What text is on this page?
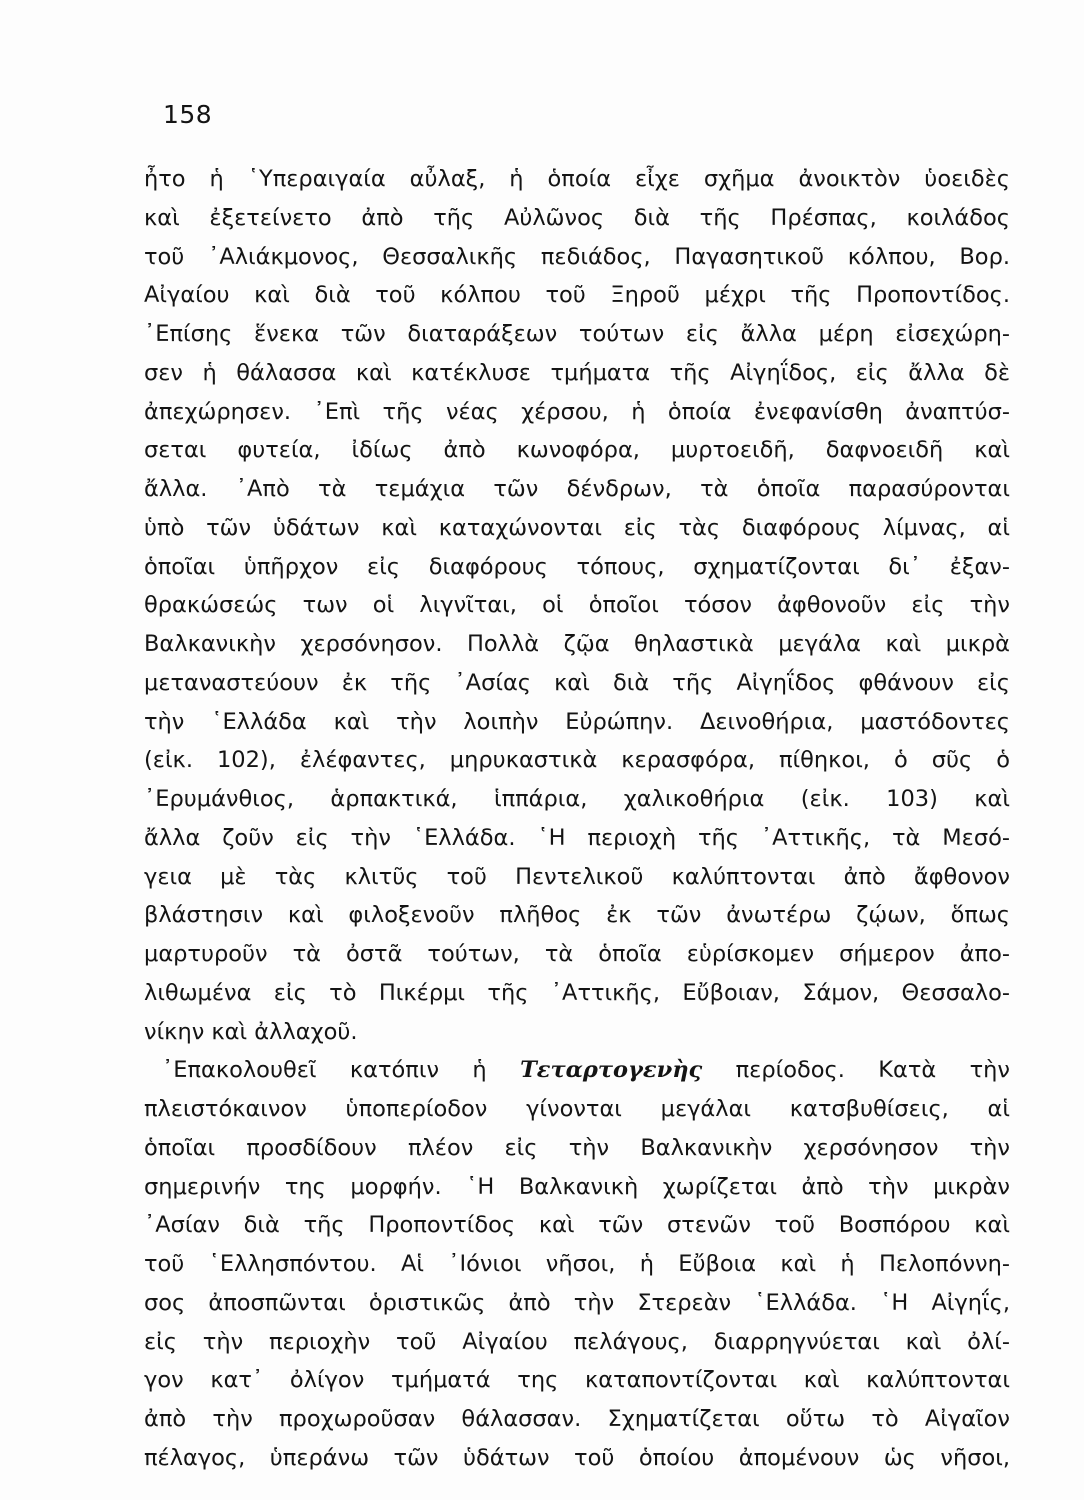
158

ἦτο ἡ ῾Υπεραιγαία αὖλαξ, ἡ ὁποία εἶχε σχῆμα ἀνοικτὸν ὑοειδὲς
καὶ ἐξετείνετο ἀπὸ τῆς Αὐλῶνος διὰ τῆς Πρέσπας, κοιλάδος
τοῦ ᾿Αλιάκμονος, Θεσσαλικῆς πεδιάδος, Παγασητικοῦ κόλπου, Βορ.
Αἰγαίου καὶ διὰ τοῦ κόλπου τοῦ Ξηροῦ μέχρι τῆς Προποντίδος.
᾿Επίσης ἕνεκα τῶν διαταράξεων τούτων εἰς ἄλλα μέρη εἰσεχώρη-
σεν ἡ θάλασσα καὶ κατέκλυσε τμήματα τῆς Αἰγηΐδος, εἰς ἄλλα δὲ
ἀπεχώρησεν. ᾿Επὶ τῆς νέας χέρσου, ἡ ὁποία ἐνεφανίσθη ἀναπτύσ-
σεται φυτεία, ἰδίως ἀπὸ κωνοφόρα, μυρτοειδῆ, δαφνοειδῆ καὶ
ἄλλα. ᾿Απὸ τὰ τεμάχια τῶν δένδρων, τὰ ὁποῖα παρασύρονται
ὑπὸ τῶν ὑδάτων καὶ καταχώνονται εἰς τὰς διαφόρους λίμνας, αἱ
ὁποῖαι ὑπῆρχον εἰς διαφόρους τόπους, σχηματίζονται δι᾿ ἐξαν-
θρακώσεώς των οἱ λιγνῖται, οἱ ὁποῖοι τόσον ἀφθονοῦν εἰς τὴν
Βαλκανικὴν χερσόνησον. Πολλὰ ζῷα θηλαστικὰ μεγάλα καὶ μικρὰ
μεταναστεύουν ἐκ τῆς ᾿Ασίας καὶ διὰ τῆς Αἰγηΐδος φθάνουν εἰς
τὴν ῾Ελλάδα καὶ τὴν λοιπὴν Εὐρώπην. Δεινοθήρια, μαστόδοντες
(εἰκ. 102), ἐλέφαντες, μηρυκαστικὰ κερασφόρα, πίθηκοι, ὁ σῦς ὁ
᾿Ερυμάνθιος, ἁρπακτικά, ἱππάρια, χαλικοθήρια (εἰκ. 103) καὶ
ἄλλα ζοῦν εἰς τὴν ῾Ελλάδα. ῾Η περιοχὴ τῆς ᾿Αττικῆς, τὰ Μεσό-
γεια μὲ τὰς κλιτῦς τοῦ Πεντελικοῦ καλύπτονται ἀπὸ ἄφθονον
βλάστησιν καὶ φιλοξενοῦν πλῆθος ἐκ τῶν ἀνωτέρω ζῴων, ὅπως
μαρτυροῦν τὰ ὀστᾶ τούτων, τὰ ὁποῖα εὑρίσκομεν σήμερον ἀπο-
λιθωμένα εἰς τὸ Πικέρμι τῆς ᾿Αττικῆς, Εὔβοιαν, Σάμον, Θεσσαλο-
νίκην καὶ ἀλλαχοῦ.
᾿Επακολουθεῖ κατόπιν ἡ Τεταρτογενὴς περίοδος. Κατὰ τὴν
πλειστόκαινον ὑποπερίοδον γίνονται μεγάλαι κατσβυθίσεις, αἱ
ὁποῖαι προσδίδουν πλέον εἰς τὴν Βαλκανικὴν χερσόνησον τὴν
σημερινήν της μορφήν. ῾Η Βαλκανικὴ χωρίζεται ἀπὸ τὴν μικρὰν
᾿Ασίαν διὰ τῆς Προποντίδος καὶ τῶν στενῶν τοῦ Βοσπόρου καὶ
τοῦ ῾Ελλησπόντου. Αἱ ᾿Ιόνιοι νῆσοι, ἡ Εὔβοια καὶ ἡ Πελοπόννη-
σος ἀποσπῶνται ὁριστικῶς ἀπὸ τὴν Στερεὰν ῾Ελλάδα. ῾Η Αἰγηΐς,
εἰς τὴν περιοχὴν τοῦ Αἰγαίου πελάγους, διαρρηγνύεται καὶ ὀλί-
γον κατ᾿ ὀλίγον τμήματά της καταποντίζονται καὶ καλύπτονται
ἀπὸ τὴν προχωροῦσαν θάλασσαν. Σχηματίζεται οὕτω τὸ Αἰγαῖον
πέλαγος, ὑπεράνω τῶν ὑδάτων τοῦ ὁποίου ἀπομένουν ὡς νῆσοι,
